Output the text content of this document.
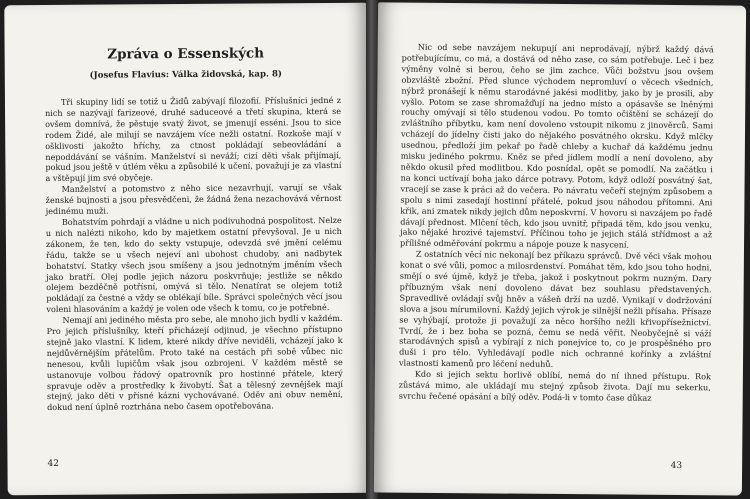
Zpráva o Essenských
(Josefus Flavius: Válka židovská, kap. 8)

Tři skupiny lidí se totiž u Židů zabývají filozofií. Příslušníci jedné z nich se nazývají farizeové, druhé saduceové a třetí skupina, která se ovšem domnívá, že pěstuje svatý život, se jmenují esséni. Jsou to sice rodem Židé, ale milují se navzájem více nežli ostatní. Rozkoše mají v ošklivosti jakožto hříchy, za ctnost pokládají sebeovládání a nepoddávání se vášním. Manželství si neváží; cizí děti však přijímají, pokud jsou ještě v útlém věku a způsobilé k učení, považují je za vlastní a vštěpují jim své obyčeje.

Manželství a potomstvo z něho sice nezavrhují, varují se však ženské bujnosti a jsou přesvědčeni, že žádná žena nezachovává věrnost jedinému muži.

Bohatstvím pohrdají a vládne u nich podivuhodná pospolitost. Nelze u nich nalézti nikoho, kdo by majetkem ostatní převyšoval. Je u nich zákonem, že ten, kdo do sekty vstupuje, odevzdá své jmění celému řádu, takže se u všech nejeví ani ubohost chudoby, ani nadbytek bohatství. Statky všech jsou smíšeny a jsou jednotným jměním všech jako bratří. Olej podle jejich názoru poskvrňuje; jestliže se někdo olejem bezděčně potřísní, omývá si tělo. Nenatírat se olejem totiž pokládají za čestné a vždy se oblékají bíle. Správci společných věcí jsou voleni hlasováním a každý je volen ode všech k tomu, co je potřebné.

Nemají ani jediného města pro sebe, ale mnoho jich bydlí v každém. Pro jejich příslušníky, kteří přicházejí odjinud, je všechno přístupno stejně jako vlastní. K lidem, které nikdy dříve neviděli, vcházejí jako k nejdůvěrnějším přátelům. Proto také na cestách při sobě vůbec nic nenesou, kvůli lupičům však jsou ozbrojeni. V každém městě se ustanovuje volbou řádový opatrovník pro hostinné přátele, který spravuje oděv a prostředky k živobytí. Šat a tělesný zevnějšek mají stejný, jako děti v přísné kázni vychovávané. Oděv ani obuv nemění, dokud není úplně roztrhána nebo časem opotřebována.

42

Nic od sebe navzájem nekupují ani neprodávají, nýbrž každý dává potřebujícímu, co má, a dostává od něho zase, co sám potřebuje. Leč i bez výměny volně si berou, čeho se jim zachce. Vůči božstvu jsou ovšem obzvláště zbožní. Před slunce východem nepromluví o věcech všedních, nýbrž pronášejí k němu starodávné jakési modlitby, jako by je prosili, aby vyšlo. Potom se zase shromažďují na jedno místo a opásavše se lněnými rouchy omývají si tělo studenou vodou. Po tomto očištění se scházejí do zvláštního příbytku, kam není dovoleno vstoupit nikomu z jinověrců. Sami vcházejí do jídelny čisti jako do nějakého posvátného okrsku. Když mlčky usednou, předloží jim pekař po řadě chleby a kuchař dá každému jednu misku jediného pokrmu. Kněz se před jídlem modlí a není dovoleno, aby někdo okusil před modlitbou. Kdo posnídal, opět se pomodlí. Na začátku i na konci uctívají boha jako dárce potravy. Potom, když odloží posvátný šat, vracejí se zase k práci až do večera. Po návratu večeří stejným způsobem a spolu s nimi zasedají hostinní přátelé, pokud jsou náhodou přítomni. Ani křik, ani zmatek nikdy jejich dům neposkvrní. V hovoru si navzájem po řadě dávají přednost. Mlčení těch, kdo jsou uvnitř, připadá těm, kdo jsou venku, jako nějaké hrozivé tajemství. Příčinou toho je jejich stálá střídmost a až přílišné odměřování pokrmu a nápoje pouze k nasycení.

Z ostatních věcí nic nekonají bez příkazu správců. Dvě věci však mohou konat o své vůli, pomoc a milosrdenství. Pomáhat těm, kdo jsou toho hodni, smějí o své újmě, když je třeba, jakož i poskytnout pokrm nuzným. Dary příbuzným však není dovoleno dávat bez souhlasu představených. Spravedlivě ovládají svůj hněv a vášeň drží na uzdě. Vynikají v dodržování slova a jsou mírumilovní. Každý jejich výrok je silnější nežli přísaha. Přísaze se vyhýbají, protože ji považují za něco horšího nežli křivopřísežnictví. Tvrdí, že i bez boha se pozná, čemu se nedá věřit. Neobyčejně si váží starodávných spisů a vybírají z nich ponejvíce to, co je prospěšného pro duši i pro tělo. Vyhledávají podle nich ochranné kořínky a zvláštní vlastnosti kamenů pro léčení neduhů.

Kdo si jejich sektu horlivě oblíbí, nemá do ní ihned přístupu. Rok zůstává mimo, ale ukládají mu stejný způsob života. Dají mu sekerku, svrchu řečené opásání a bílý oděv. Podá-li v tomto čase důkaz

43
